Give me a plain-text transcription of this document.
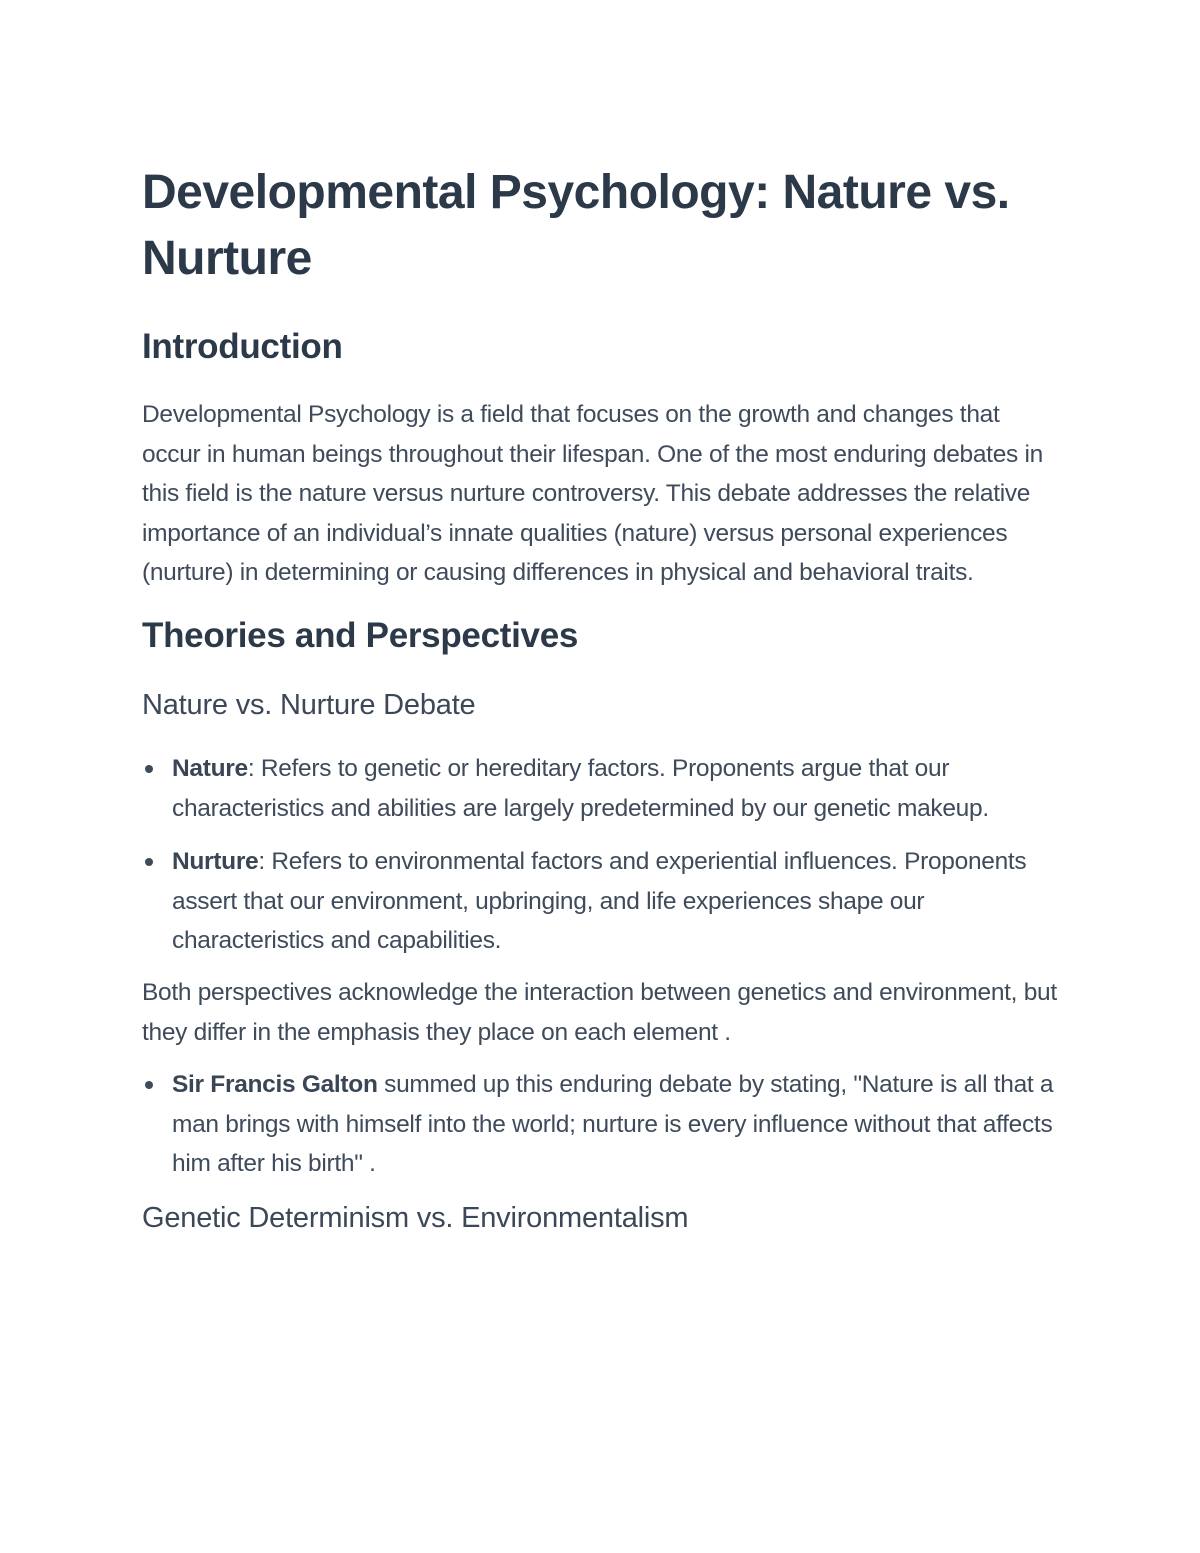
Developmental Psychology: Nature vs. Nurture
Introduction

Developmental Psychology is a field that focuses on the growth and changes that occur in human beings throughout their lifespan. One of the most enduring debates in this field is the nature versus nurture controversy. This debate addresses the relative importance of an individual’s innate qualities (nature) versus personal experiences (nurture) in determining or causing differences in physical and behavioral traits.

Theories and Perspectives
Nature vs. Nurture Debate
Nature: Refers to genetic or hereditary factors. Proponents argue that our characteristics and abilities are largely predetermined by our genetic makeup.
Nurture: Refers to environmental factors and experiential influences. Proponents assert that our environment, upbringing, and life experiences shape our characteristics and capabilities.

Both perspectives acknowledge the interaction between genetics and environment, but they differ in the emphasis they place on each element .

Sir Francis Galton summed up this enduring debate by stating, "Nature is all that a man brings with himself into the world; nurture is every influence without that affects him after his birth" .
Genetic Determinism vs. Environmentalism
